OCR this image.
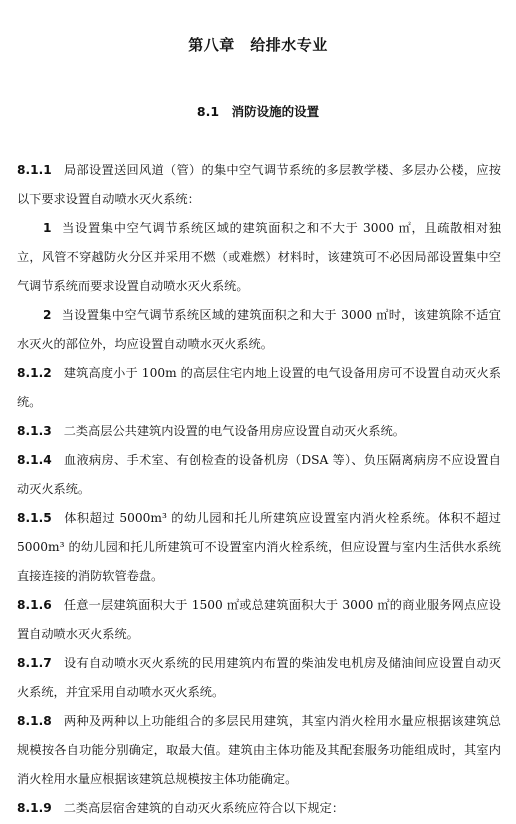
第八章　给排水专业
8.1　消防设施的设置

8.1.1 局部设置送回风道（管）的集中空气调节系统的多层教学楼、多层办公楼，应按以下要求设置自动喷水灭火系统：

1 当设置集中空气调节系统区域的建筑面积之和不大于 3000 ㎡，且疏散相对独立，风管不穿越防火分区并采用不燃（或难燃）材料时，该建筑可不必因局部设置集中空气调节系统而要求设置自动喷水灭火系统。

2 当设置集中空气调节系统区域的建筑面积之和大于 3000 ㎡时，该建筑除不适宜水灭火的部位外，均应设置自动喷水灭火系统。

8.1.2 建筑高度小于 100m 的高层住宅内地上设置的电气设备用房可不设置自动灭火系统。

8.1.3 二类高层公共建筑内设置的电气设备用房应设置自动灭火系统。

8.1.4 血液病房、手术室、有创检查的设备机房（DSA 等）、负压隔离病房不应设置自动灭火系统。

8.1.5 体积超过 5000m³ 的幼儿园和托儿所建筑应设置室内消火栓系统。体积不超过 5000m³ 的幼儿园和托儿所建筑可不设置室内消火栓系统，但应设置与室内生活供水系统直接连接的消防软管卷盘。

8.1.6 任意一层建筑面积大于 1500 ㎡或总建筑面积大于 3000 ㎡的商业服务网点应设置自动喷水灭火系统。

8.1.7 设有自动喷水灭火系统的民用建筑内布置的柴油发电机房及储油间应设置自动灭火系统，并宜采用自动喷水灭火系统。

8.1.8 两种及两种以上功能组合的多层民用建筑，其室内消火栓用水量应根据该建筑总规模按各自功能分别确定，取最大值。建筑由主体功能及其配套服务功能组成时，其室内消火栓用水量应根据该建筑总规模按主体功能确定。

8.1.9 二类高层宿舍建筑的自动灭火系统应符合以下规定：
